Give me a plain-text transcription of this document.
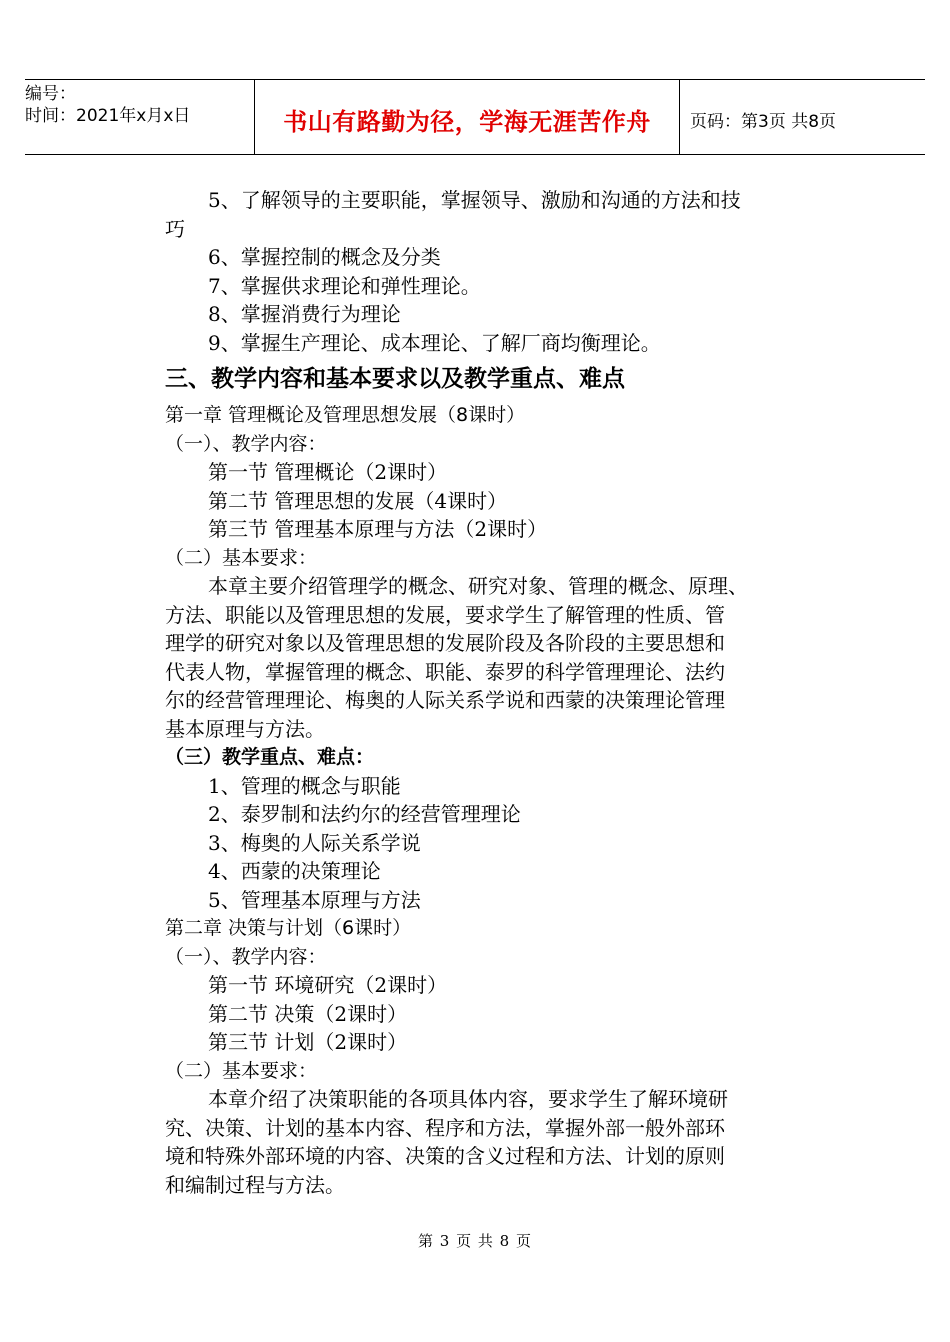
编号：
时间：2021年x月x日	书山有路勤为径，学海无涯苦作舟	页码：第3页 共8页
5、了解领导的主要职能，掌握领导、激励和沟通的方法和技
巧
6、掌握控制的概念及分类
7、掌握供求理论和弹性理论。
8、掌握消费行为理论
9、掌握生产理论、成本理论、了解厂商均衡理论。
三、教学内容和基本要求以及教学重点、难点
第一章 管理概论及管理思想发展（8课时）
（一）、教学内容：
第一节 管理概论（2课时）
第二节 管理思想的发展（4课时）
第三节 管理基本原理与方法（2课时）
（二）基本要求：
本章主要介绍管理学的概念、研究对象、管理的概念、原理、
方法、职能以及管理思想的发展，要求学生了解管理的性质、管
理学的研究对象以及管理思想的发展阶段及各阶段的主要思想和
代表人物，掌握管理的概念、职能、泰罗的科学管理理论、法约
尔的经营管理理论、梅奥的人际关系学说和西蒙的决策理论管理
基本原理与方法。
（三）教学重点、难点：
1、管理的概念与职能
2、泰罗制和法约尔的经营管理理论
3、梅奥的人际关系学说
4、西蒙的决策理论
5、管理基本原理与方法
第二章 决策与计划（6课时）
（一）、教学内容：
第一节 环境研究（2课时）
第二节 决策（2课时）
第三节 计划（2课时）
（二）基本要求：
本章介绍了决策职能的各项具体内容，要求学生了解环境研
究、决策、计划的基本内容、程序和方法，掌握外部一般外部环
境和特殊外部环境的内容、决策的含义过程和方法、计划的原则
和编制过程与方法。
第 3 页 共 8 页
